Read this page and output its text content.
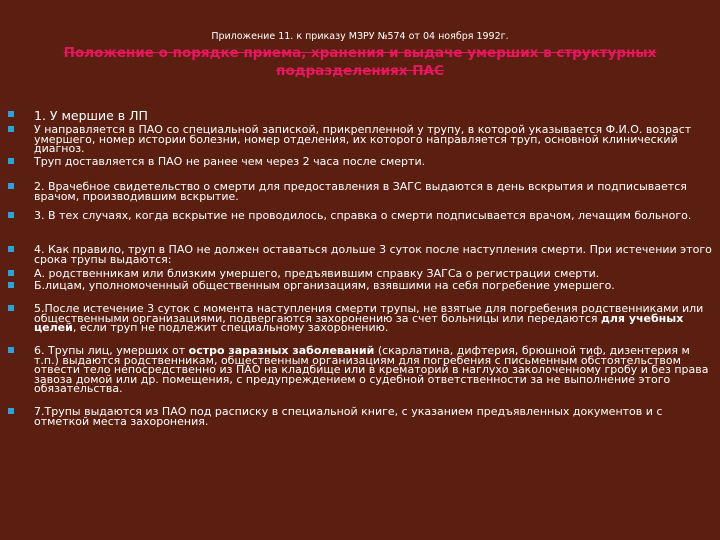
Приложение 11. к приказу МЗРУ №574 от 04 ноября 1992г.
Положение о порядке приема, хранения и выдаче умерших в структурных подразделениях ПАС
1. У мершие в ЛП
У направляется в ПАО со специальной запиской, прикрепленной у трупу, в которой указывается Ф.И.О. возраст умершего, номер истории болезни, номер отделения, их которого направляется труп, основной клинический диагноз.
Труп доставляется в ПАО не ранее чем через 2 часа после смерти.
2. Врачебное свидетельство о смерти для предоставления в ЗАГС выдаются в день вскрытия и подписывается врачом, производившим вскрытие.
3. В тех случаях, когда вскрытие не проводилось, справка о смерти подписывается врачом, лечащим больного.
4. Как правило, труп в ПАО не должен оставаться дольше 3 суток после наступления смерти. При истечении этого срока трупы выдаются:
А. родственникам или близким умершего, предъявившим справку ЗАГСа о регистрации смерти.
Б.лицам, уполномоченный общественным организациям, взявшими на себя погребение умершего.
5.После истечение 3 суток с момента наступления смерти трупы, не взятые для погребения родственниками или общественными организациями, подвергаются захоронению за счет больницы или передаются для учебных целей, если труп не подлежит специальному захоронению.
6. Трупы лиц, умерших от остро заразных заболеваний (скарлатина, дифтерия, брюшной тиф, дизентерия м т.п.) выдаются родственникам, общественным организациям для погребения с письменным обстоятельством отвести тело непосредственно из ПАО на кладбище или в крематорий в наглухо заколоченному гробу и без права завоза домой или др. помещения, с предупреждением о судебной ответственности за не выполнение этого обязательства.
7.Трупы выдаются из ПАО под расписку в специальной книге, с указанием предъявленных документов и с отметкой места захоронения.
